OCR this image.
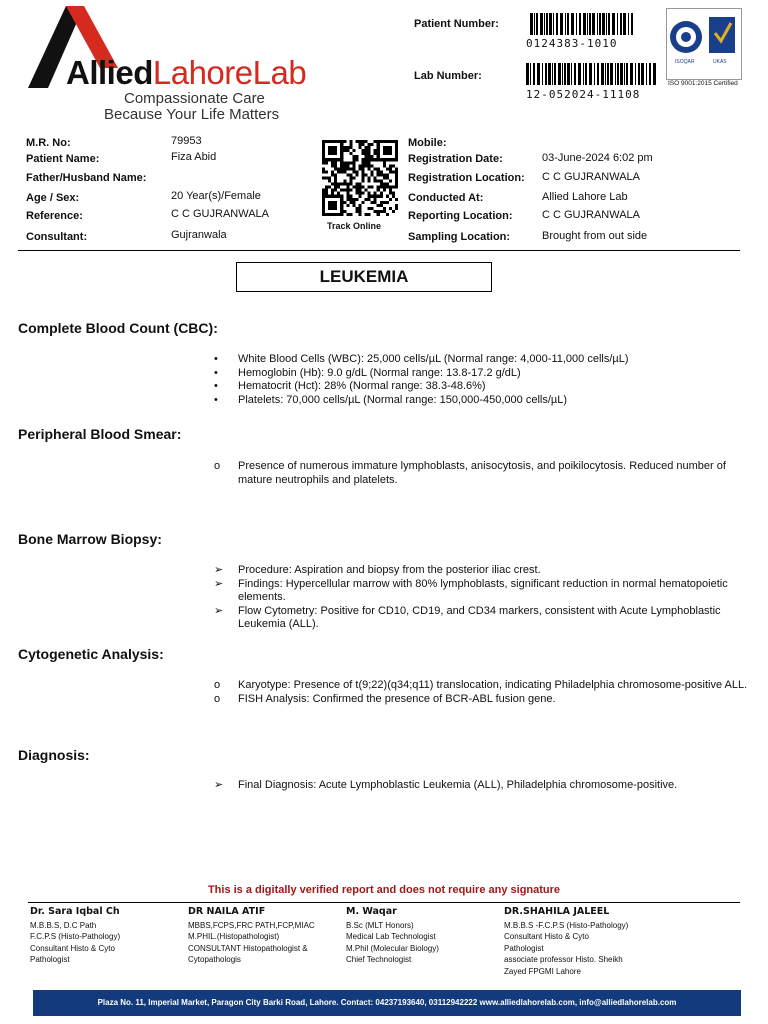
AlliedLahoreLab
Compassionate Care
Because Your Life Matters
Patient Number:
0124383-1010
Lab Number:
12-052024-11108
ISOQAR	UKAS
ISO 9001:2015 Certified
M.R. No:	79953
Patient Name:	Fiza Abid
Father/Husband Name:
Age / Sex:	20 Year(s)/Female
Reference:	C C GUJRANWALA
Consultant:	Gujranwala
Mobile:
Registration Date:	03-June-2024 6:02 pm
Registration Location: C C GUJRANWALA
Conducted At:	Allied Lahore Lab
Reporting Location:	C C GUJRANWALA
Sampling Location:	Brought from out side
Track Online
LEUKEMIA
Complete Blood Count (CBC):
• White Blood Cells (WBC): 25,000 cells/µL (Normal range: 4,000-11,000 cells/µL)
• Hemoglobin (Hb): 9.0 g/dL (Normal range: 13.8-17.2 g/dL)
• Hematocrit (Hct): 28% (Normal range: 38.3-48.6%)
• Platelets: 70,000 cells/µL (Normal range: 150,000-450,000 cells/µL)
Peripheral Blood Smear:
o Presence of numerous immature lymphoblasts, anisocytosis, and poikilocytosis. Reduced number of mature neutrophils and platelets.
Bone Marrow Biopsy:
➢ Procedure: Aspiration and biopsy from the posterior iliac crest.
➢ Findings: Hypercellular marrow with 80% lymphoblasts, significant reduction in normal hematopoietic elements.
➢ Flow Cytometry: Positive for CD10, CD19, and CD34 markers, consistent with Acute Lymphoblastic Leukemia (ALL).
Cytogenetic Analysis:
o Karyotype: Presence of t(9;22)(q34;q11) translocation, indicating Philadelphia chromosome-positive ALL.
o FISH Analysis: Confirmed the presence of BCR-ABL fusion gene.
Diagnosis:
➢ Final Diagnosis: Acute Lymphoblastic Leukemia (ALL), Philadelphia chromosome-positive.
This is a digitally verified report and does not require any signature
Dr. Sara Iqbal Ch
M.B.B.S, D.C Path
F.C.P.S (Histo-Pathology)
Consultant Histo & Cyto
Pathologist
DR NAILA ATIF
MBBS,FCPS,FRC PATH,FCP,MIAC
M.PHIL.(Histopathologist)
CONSULTANT Histopathologist &
Cytopathologis
M. Waqar
B.Sc (MLT Honors)
Medical Lab Technologist
M.Phil (Molecular Biology)
Chief Technologist
DR.SHAHILA JALEEL
M.B.B.S -F.C.P.S (Histo-Pathology)
Consultant Histo & Cyto
Pathologist
associate professor Histo. Sheikh
Zayed FPGMI Lahore
Plaza No. 11, Imperial Market, Paragon City Barki Road, Lahore. Contact: 04237193640, 03112942222 www.alliedlahorelab.com, info@alliedlahorelab.com
